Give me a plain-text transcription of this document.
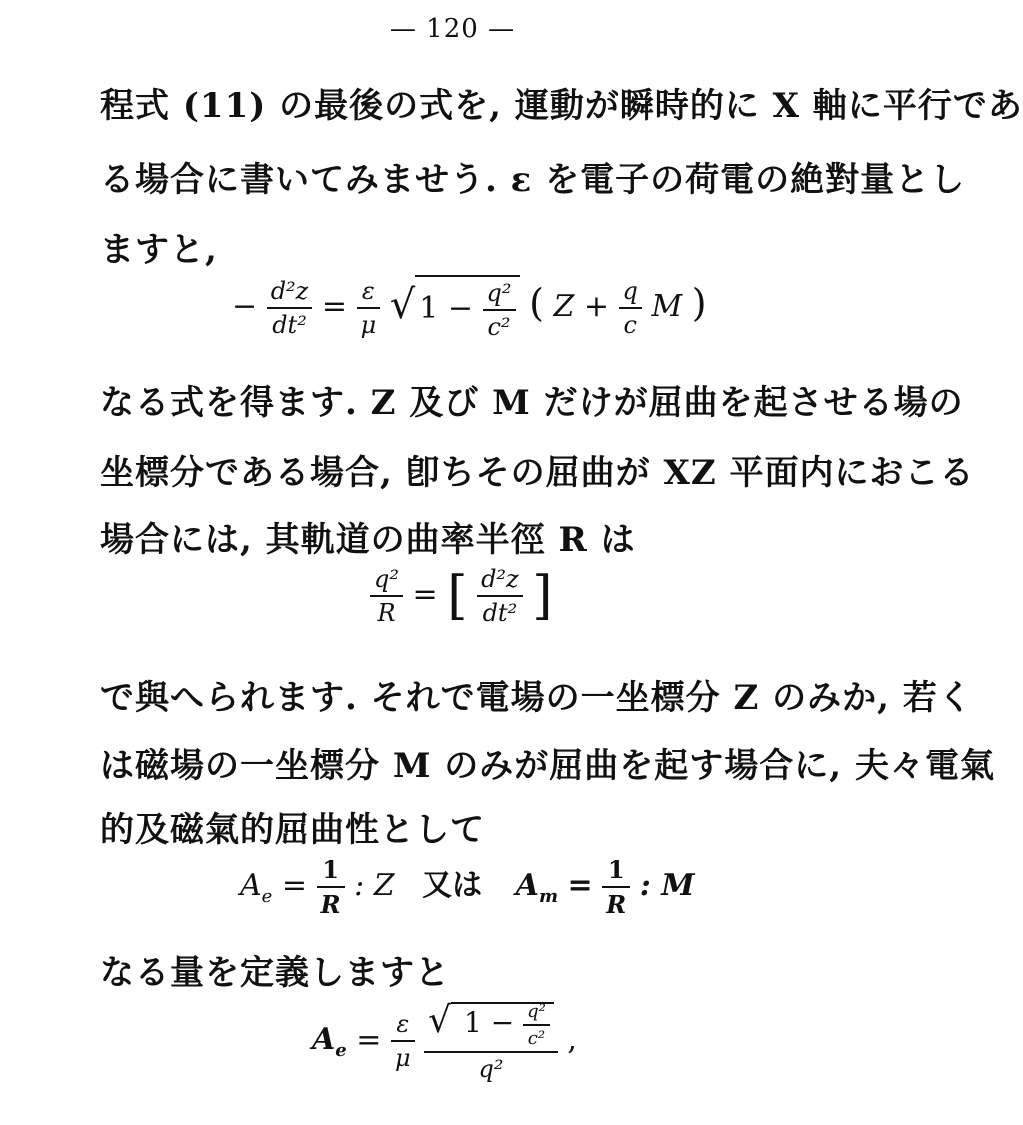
— 120 —
程式 (11) の最後の式を, 運動が瞬時的に X 軸に平行であ
る場合に書いてみませう. ε を電子の荷電の絶對量とし
ますと,
− $\frac{\text{d²z}}{\text{dt²}} = \frac{\varepsilon}{\mu}$ √ $1 - \frac{\text{q²}}{\text{c²}}$ ( $Z + \frac{q}{c}$ M )
なる式を得ます. Z 及び M だけが屈曲を起させる場の
坐標分である場合, 卽ちその屈曲が XZ 平面内におこる
場合には, 其軌道の曲率半徑 R は
$\frac{\text{q²}}{R}$ = [ $\frac{\text{d²z}}{\text{dt²}}$ ]
で與へられます. それで電場の一坐標分 Z のみか, 若く
は磁場の一坐標分 M のみが屈曲を起す場合に, 夫々電氣
的及磁氣的屈曲性として
$A_e = \frac{1}{R}$ : Z 又は $A_m = \frac{1}{R}$ : M
なる量を定義しますと
$A_e = \frac{\varepsilon}{\mu}$
$\frac{√ 1 - \frac{\text{q²}}{\text{c²}}}{\text{q²}}$ ,
